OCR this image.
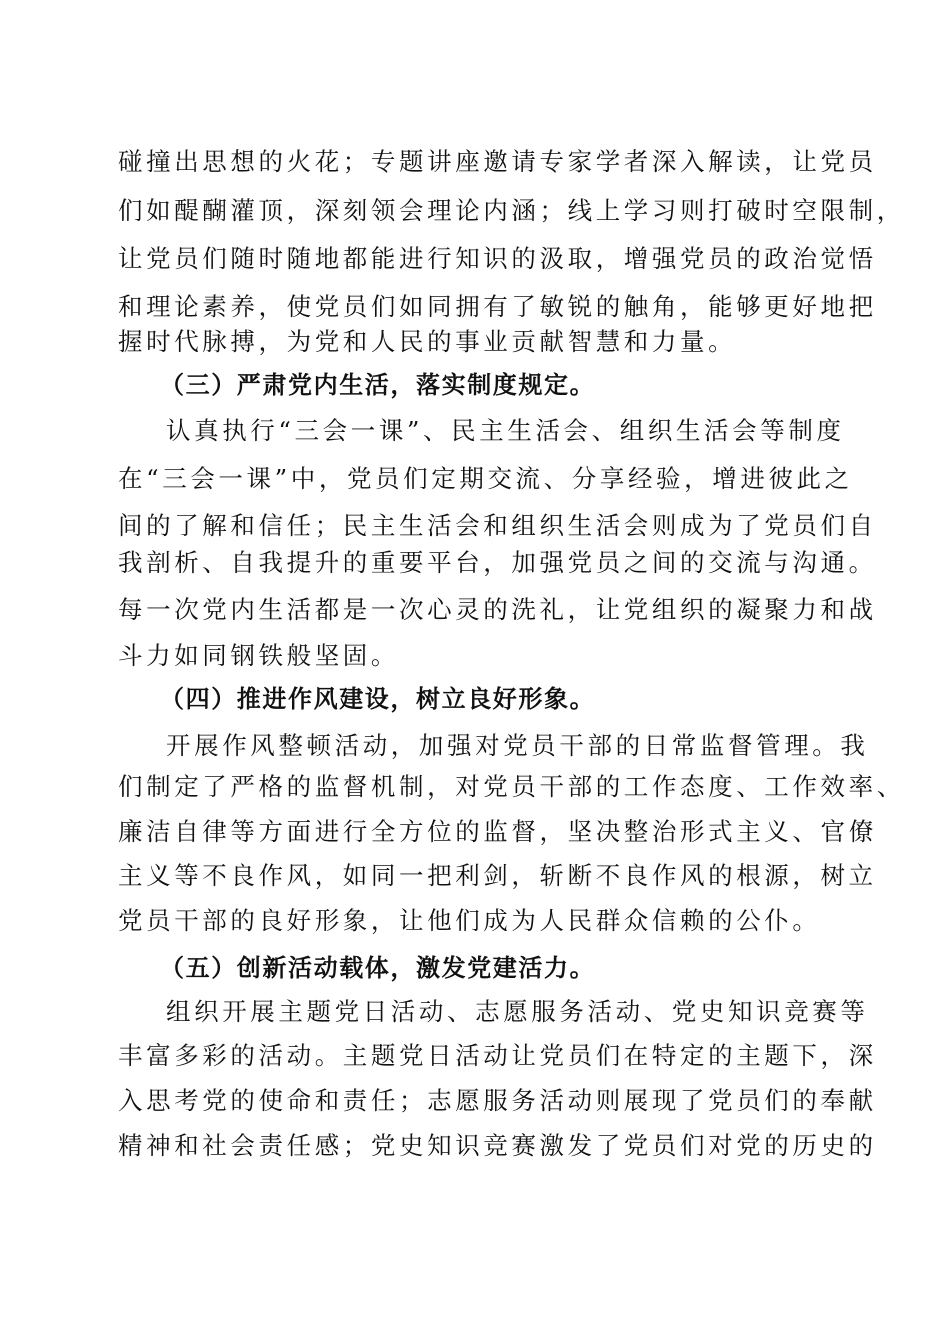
碰撞出思想的火花；专题讲座邀请专家学者深入解读，让党员
们如醍醐灌顶，深刻领会理论内涵；线上学习则打破时空限制，
让党员们随时随地都能进行知识的汲取，增强党员的政治觉悟
和理论素养，使党员们如同拥有了敏锐的触角，能够更好地把
握时代脉搏，为党和人民的事业贡献智慧和力量。
（三）严肃党内生活，落实制度规定。
认真执行“三会一课”、民主生活会、组织生活会等制度
在“三会一课”中，党员们定期交流、分享经验，增进彼此之
间的了解和信任；民主生活会和组织生活会则成为了党员们自
我剖析、自我提升的重要平台，加强党员之间的交流与沟通。
每一次党内生活都是一次心灵的洗礼，让党组织的凝聚力和战
斗力如同钢铁般坚固。
（四）推进作风建设，树立良好形象。
开展作风整顿活动，加强对党员干部的日常监督管理。我
们制定了严格的监督机制，对党员干部的工作态度、工作效率、
廉洁自律等方面进行全方位的监督，坚决整治形式主义、官僚
主义等不良作风，如同一把利剑，斩断不良作风的根源，树立
党员干部的良好形象，让他们成为人民群众信赖的公仆。
（五）创新活动载体，激发党建活力。
组织开展主题党日活动、志愿服务活动、党史知识竞赛等
丰富多彩的活动。主题党日活动让党员们在特定的主题下，深
入思考党的使命和责任；志愿服务活动则展现了党员们的奉献
精神和社会责任感；党史知识竞赛激发了党员们对党的历史的
